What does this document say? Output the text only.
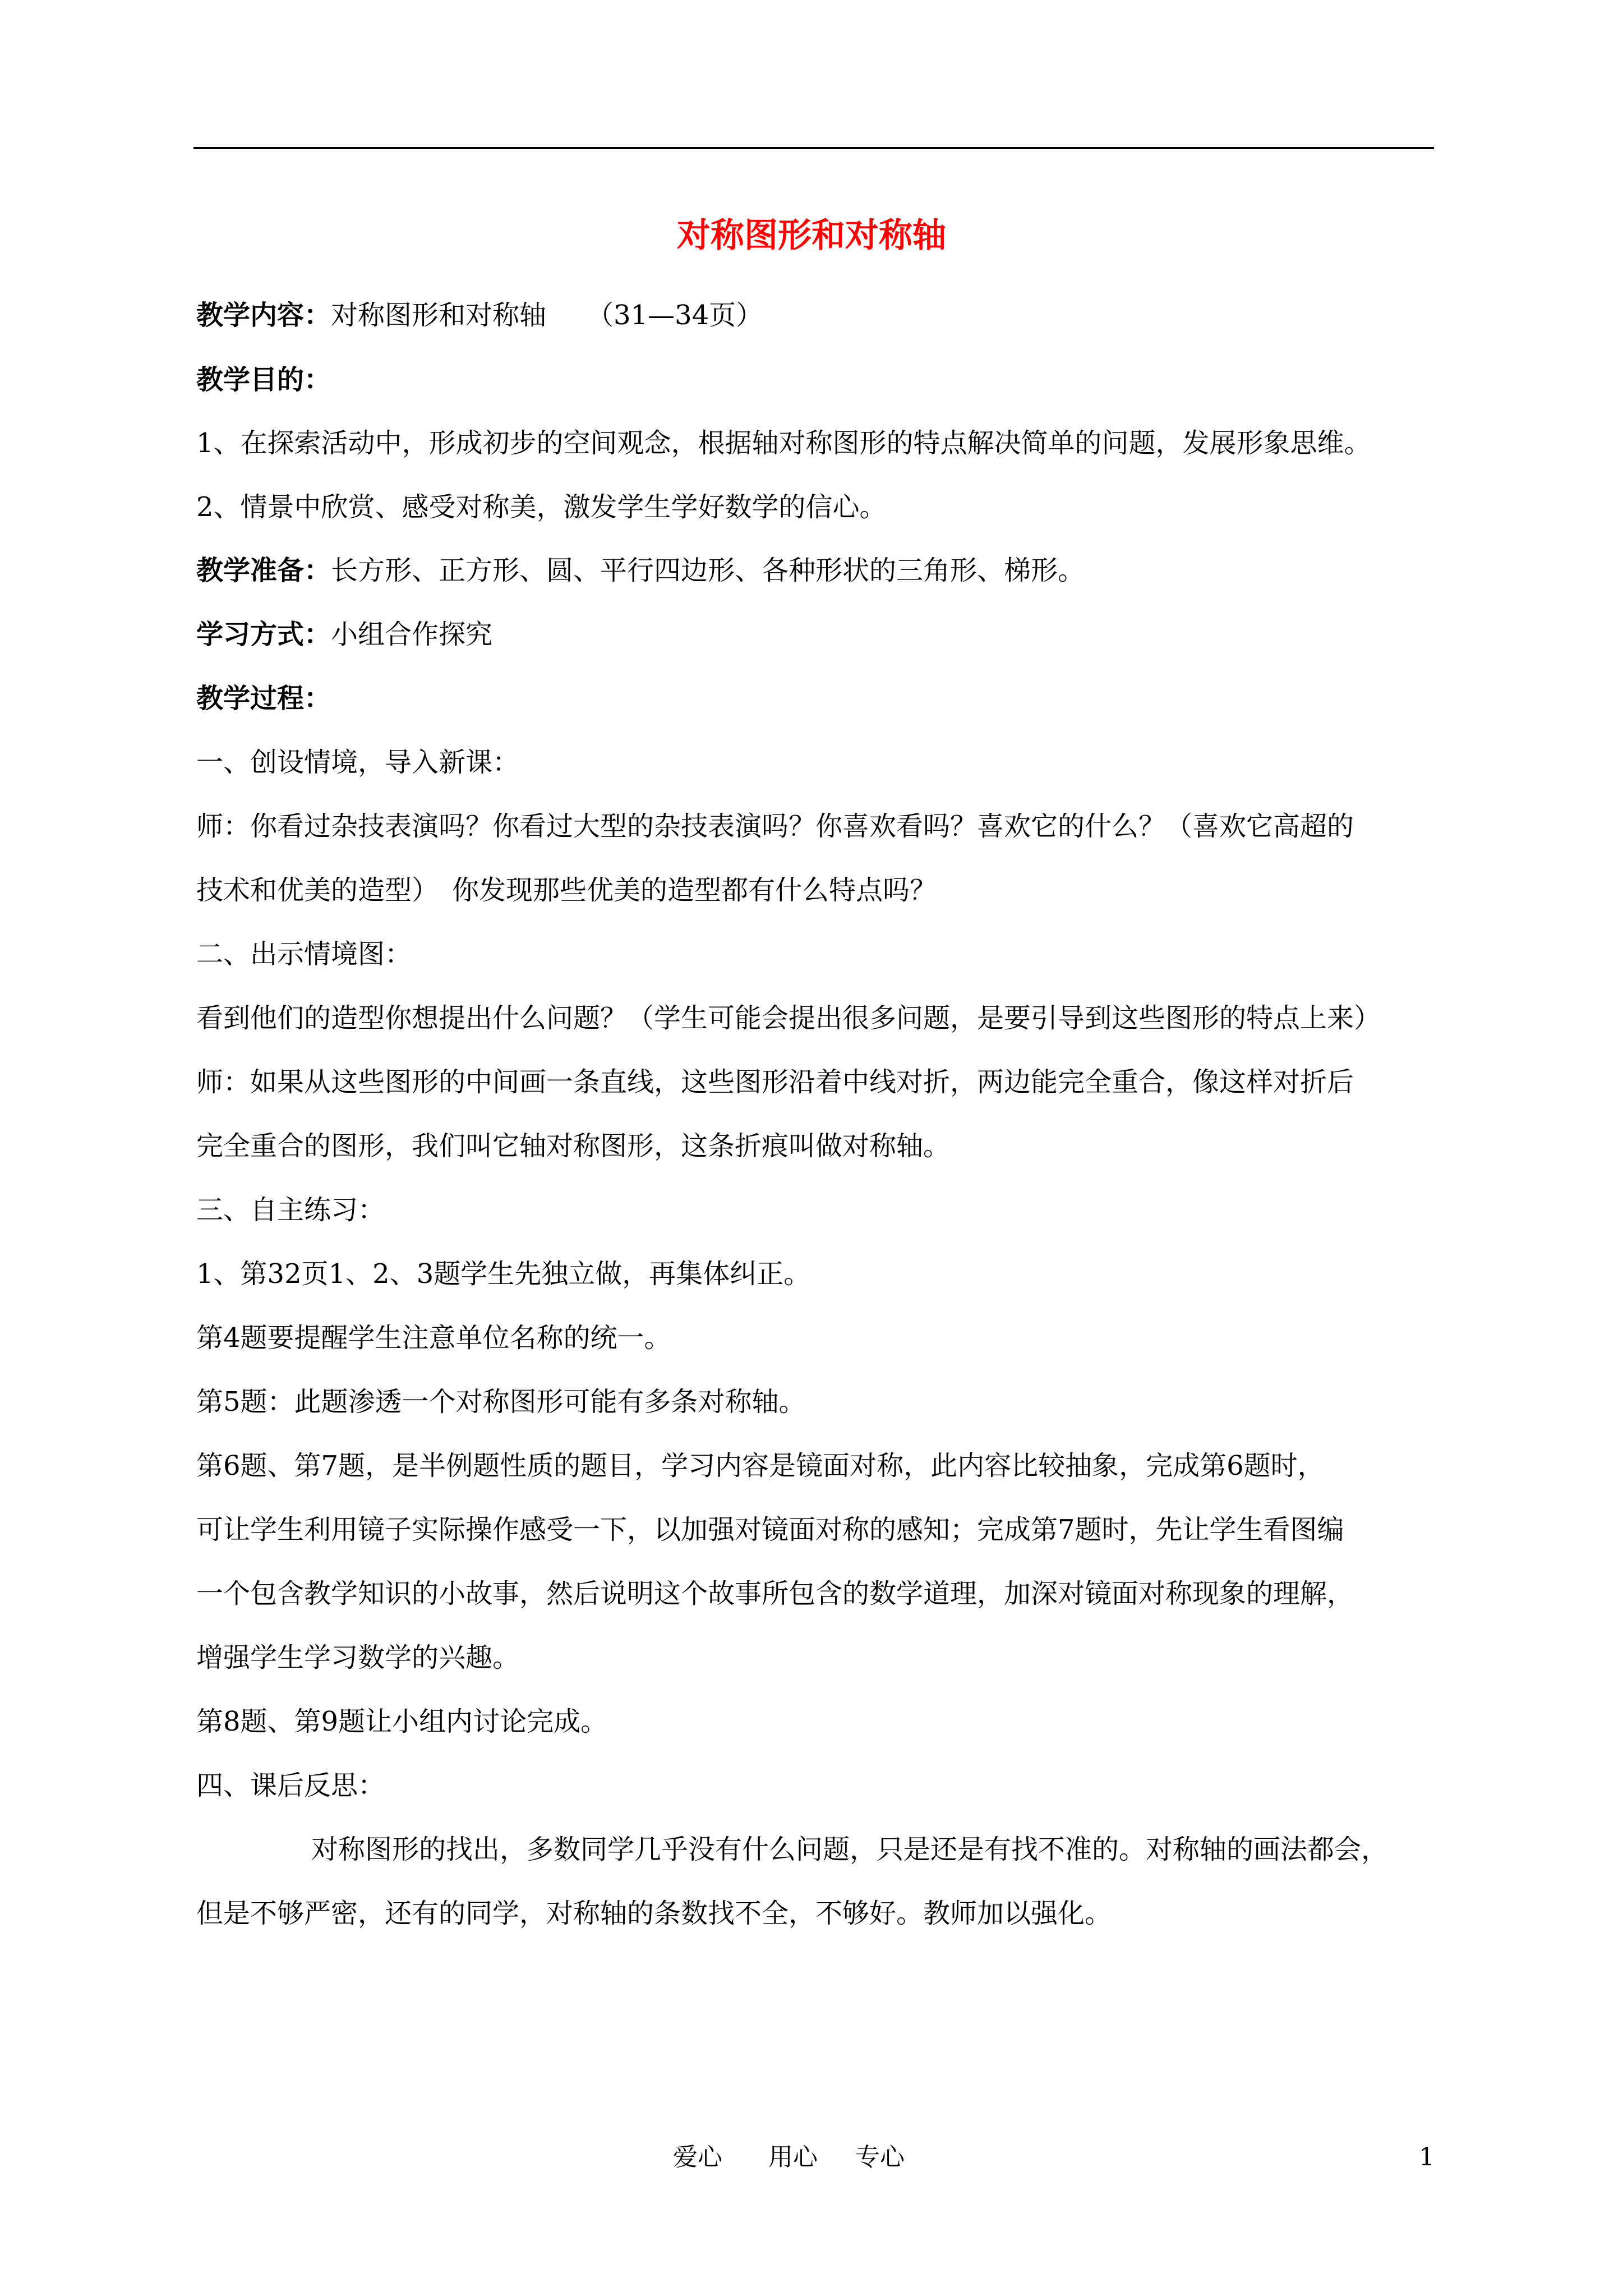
对称图形和对称轴
教学内容：对称图形和对称轴　　（31—34页）
教学目的：
1、在探索活动中，形成初步的空间观念，根据轴对称图形的特点解决简单的问题，发展形象思维。
2、情景中欣赏、感受对称美，激发学生学好数学的信心。
教学准备：长方形、正方形、圆、平行四边形、各种形状的三角形、梯形。
学习方式：小组合作探究
教学过程：
一、创设情境，导入新课：
师：你看过杂技表演吗？你看过大型的杂技表演吗？你喜欢看吗？喜欢它的什么？（喜欢它高超的
技术和优美的造型）　你发现那些优美的造型都有什么特点吗？
二、出示情境图：
看到他们的造型你想提出什么问题？（学生可能会提出很多问题，是要引导到这些图形的特点上来）
师：如果从这些图形的中间画一条直线，这些图形沿着中线对折，两边能完全重合，像这样对折后
完全重合的图形，我们叫它轴对称图形，这条折痕叫做对称轴。
三、自主练习：
1、第32页1、2、3题学生先独立做，再集体纠正。
第4题要提醒学生注意单位名称的统一。
第5题：此题渗透一个对称图形可能有多条对称轴。
第6题、第7题，是半例题性质的题目，学习内容是镜面对称，此内容比较抽象，完成第6题时，
可让学生利用镜子实际操作感受一下，以加强对镜面对称的感知；完成第7题时，先让学生看图编
一个包含教学知识的小故事，然后说明这个故事所包含的数学道理，加深对镜面对称现象的理解，
增强学生学习数学的兴趣。
第8题、第9题让小组内讨论完成。
四、课后反思：
对称图形的找出，多数同学几乎没有什么问题，只是还是有找不准的。对称轴的画法都会，
但是不够严密，还有的同学，对称轴的条数找不全，不够好。教师加以强化。
爱心 用心 专心	1
